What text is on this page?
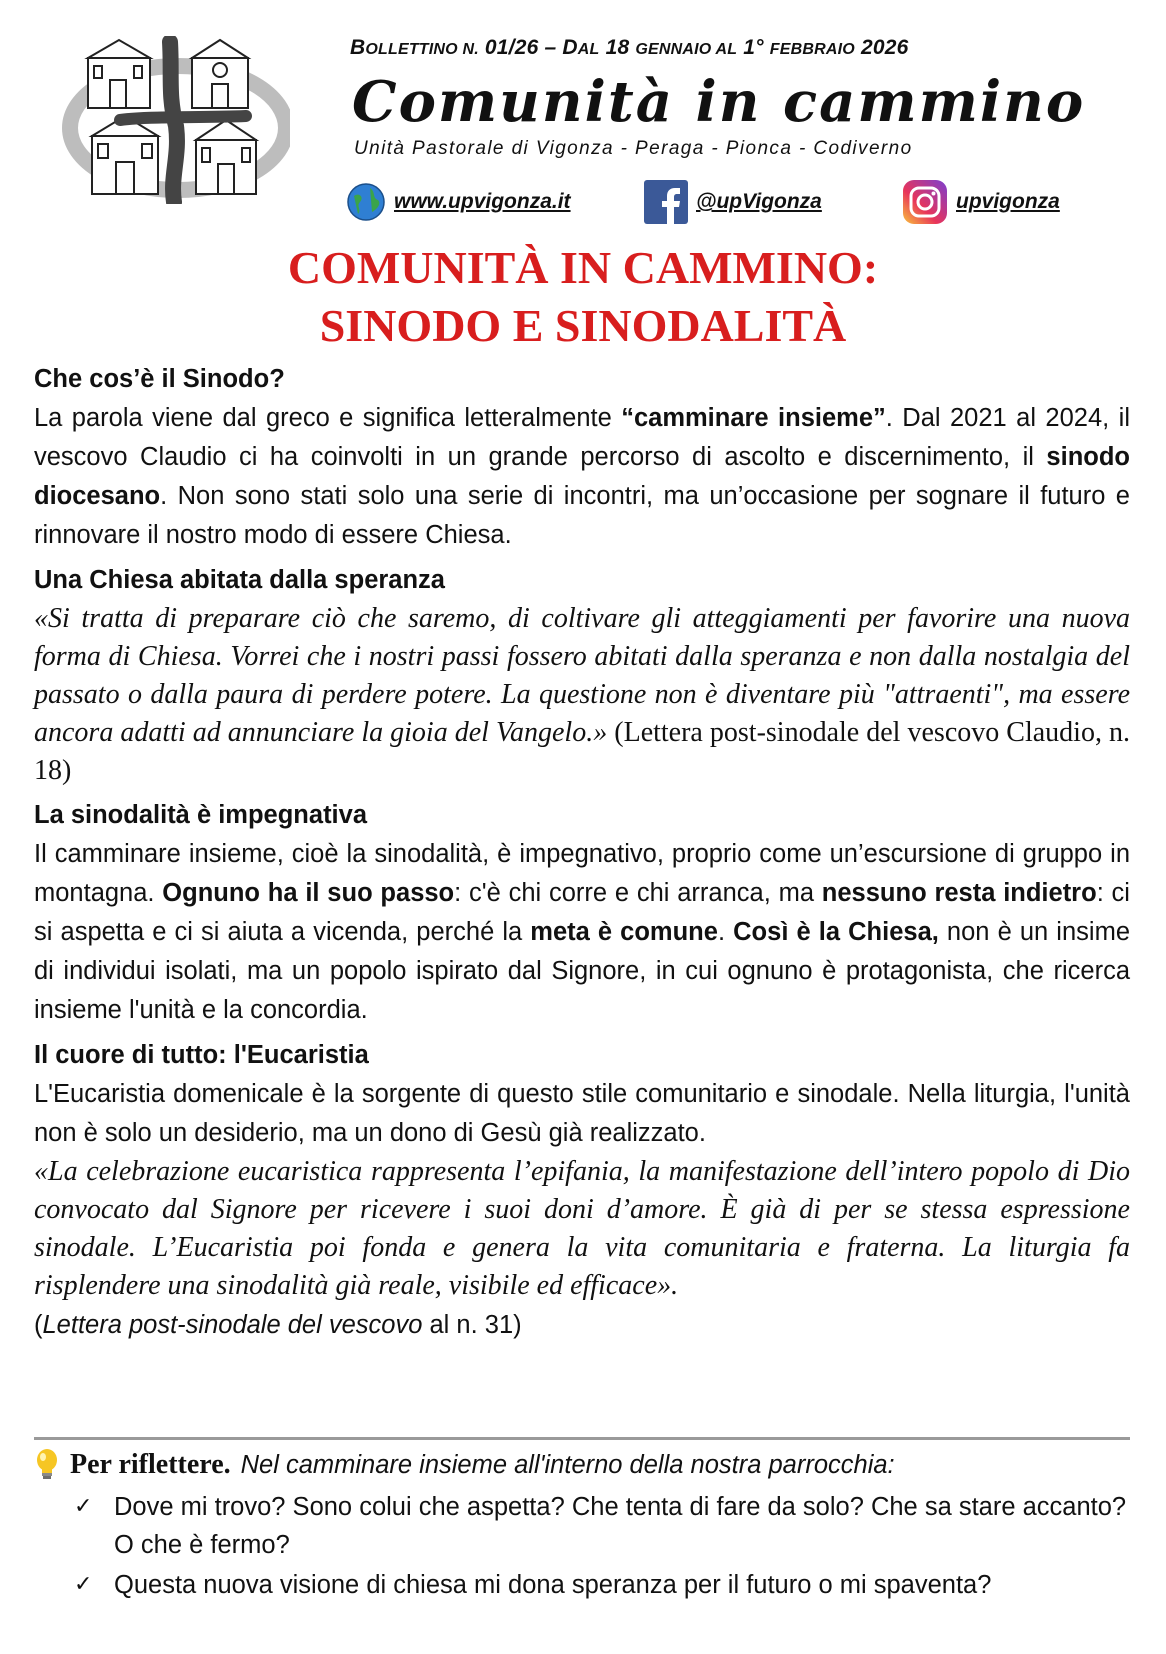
BOLLETTINO N. 01/26 – DAL 18 GENNAIO AL 1° FEBBRAIO 2026
Comunità in cammino
Unità Pastorale di Vigonza - Peraga - Pionca - Codiverno
www.upvigonza.it	@upVigonza	upvigonza
COMUNITÀ IN CAMMINO:
SINODO E SINODALITÀ
Che cos’è il Sinodo?

La parola viene dal greco e significa letteralmente “camminare insieme”. Dal 2021 al 2024, il vescovo Claudio ci ha coinvolti in un grande percorso di ascolto e discernimento, il sinodo diocesano. Non sono stati solo una serie di incontri, ma un’occasione per sognare il futuro e rinnovare il nostro modo di essere Chiesa.

Una Chiesa abitata dalla speranza

«Si tratta di preparare ciò che saremo, di coltivare gli atteggiamenti per favorire una nuova forma di Chiesa. Vorrei che i nostri passi fossero abitati dalla speranza e non dalla nostalgia del passato o dalla paura di perdere potere. La questione non è diventare più "attraenti", ma essere ancora adatti ad annunciare la gioia del Vangelo.» (Lettera post-sinodale del vescovo Claudio, n. 18)

La sinodalità è impegnativa

Il camminare insieme, cioè la sinodalità, è impegnativo, proprio come un’escursione di gruppo in montagna. Ognuno ha il suo passo: c'è chi corre e chi arranca, ma nessuno resta indietro: ci si aspetta e ci si aiuta a vicenda, perché la meta è comune. Così è la Chiesa, non è un insime di individui isolati, ma un popolo ispirato dal Signore, in cui ognuno è protagonista, che ricerca insieme l'unità e la concordia.

Il cuore di tutto: l'Eucaristia

L'Eucaristia domenicale è la sorgente di questo stile comunitario e sinodale. Nella liturgia, l'unità non è solo un desiderio, ma un dono di Gesù già realizzato.

«La celebrazione eucaristica rappresenta l’epifania, la manifestazione dell’intero popolo di Dio convocato dal Signore per ricevere i suoi doni d’amore. È già di per se stessa espressione sinodale. L’Eucaristia poi fonda e genera la vita comunitaria e fraterna. La liturgia fa risplendere una sinodalità già reale, visibile ed efficace».

(Lettera post-sinodale del vescovo al n. 31)
Per riflettere. Nel camminare insieme all'interno della nostra parrocchia:
✓ Dove mi trovo? Sono colui che aspetta? Che tenta di fare da solo? Che sa stare accanto? O che è fermo?
✓ Questa nuova visione di chiesa mi dona speranza per il futuro o mi spaventa?
